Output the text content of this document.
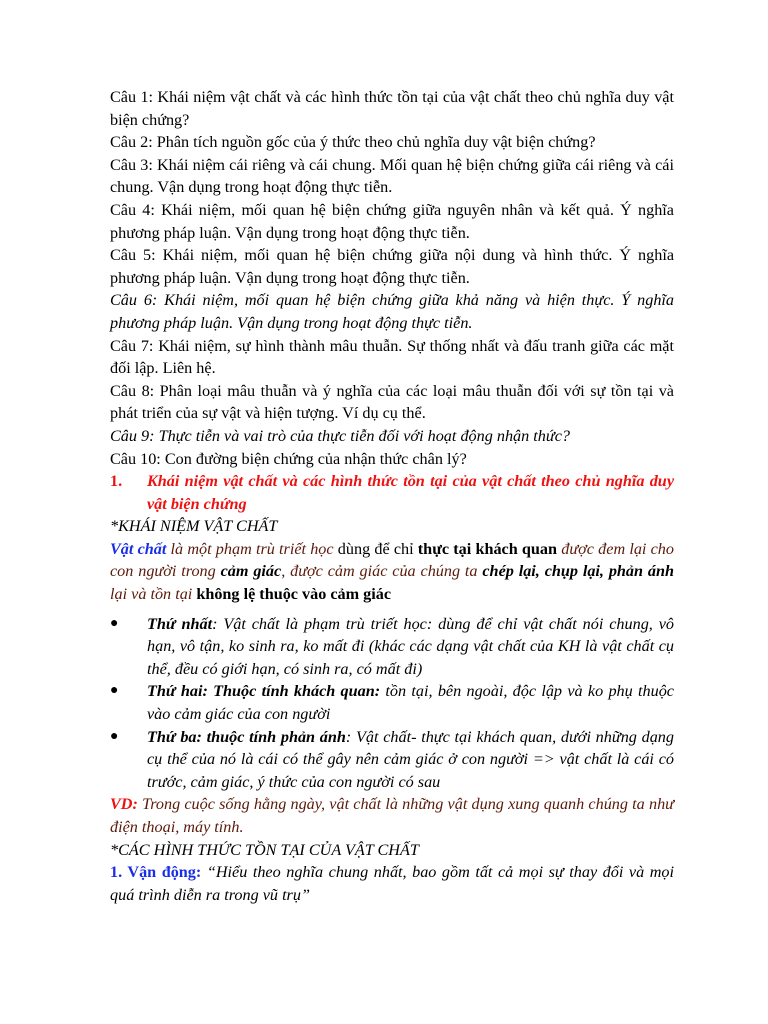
Câu 1: Khái niệm vật chất và các hình thức tồn tại của vật chất theo chủ nghĩa duy vật biện chứng?

Câu 2: Phân tích nguồn gốc của ý thức theo chủ nghĩa duy vật biện chứng?

Câu 3: Khái niệm cái riêng và cái chung. Mối quan hệ biện chứng giữa cái riêng và cái chung. Vận dụng trong hoạt động thực tiễn.

Câu 4: Khái niệm, mối quan hệ biện chứng giữa nguyên nhân và kết quả. Ý nghĩa phương pháp luận. Vận dụng trong hoạt động thực tiễn.

Câu 5: Khái niệm, mối quan hệ biện chứng giữa nội dung và hình thức. Ý nghĩa phương pháp luận. Vận dụng trong hoạt động thực tiễn.

Câu 6: Khái niệm, mối quan hệ biện chứng giữa khả năng và hiện thực. Ý nghĩa phương pháp luận. Vận dụng trong hoạt động thực tiễn.

Câu 7: Khái niệm, sự hình thành mâu thuẫn. Sự thống nhất và đấu tranh giữa các mặt đối lập. Liên hệ.

Câu 8: Phân loại mâu thuẫn và ý nghĩa của các loại mâu thuẫn đối với sự tồn tại và phát triển của sự vật và hiện tượng. Ví dụ cụ thể.

Câu 9: Thực tiễn và vai trò của thực tiễn đối với hoạt động nhận thức?

Câu 10: Con đường biện chứng của nhận thức chân lý?

1.	Khái niệm vật chất và các hình thức tồn tại của vật chất theo chủ nghĩa duy vật biện chứng

*KHÁI NIỆM VẬT CHẤT

Vật chất là một phạm trù triết học dùng để chỉ thực tại khách quan được đem lại cho con người trong cảm giác, được cảm giác của chúng ta chép lại, chụp lại, phản ánh lại và tồn tại không lệ thuộc vào cảm giác

●	Thứ nhất: Vật chất là phạm trù triết học: dùng để chỉ vật chất nói chung, vô hạn, vô tận, ko sinh ra, ko mất đi (khác các dạng vật chất của KH là vật chất cụ thể, đều có giới hạn, có sinh ra, có mất đi)
●	Thứ hai: Thuộc tính khách quan: tồn tại, bên ngoài, độc lập và ko phụ thuộc vào cảm giác của con người
●	Thứ ba: thuộc tính phản ánh: Vật chất- thực tại khách quan, dưới những dạng cụ thể của nó là cái có thể gây nên cảm giác ở con người => vật chất là cái có trước, cảm giác, ý thức của con người có sau

VD: Trong cuộc sống hằng ngày, vật chất là những vật dụng xung quanh chúng ta như điện thoại, máy tính.

*CÁC HÌNH THỨC TỒN TẠI CỦA VẬT CHẤT

1. Vận động: “Hiểu theo nghĩa chung nhất, bao gồm tất cả mọi sự thay đổi và mọi quá trình diễn ra trong vũ trụ”
